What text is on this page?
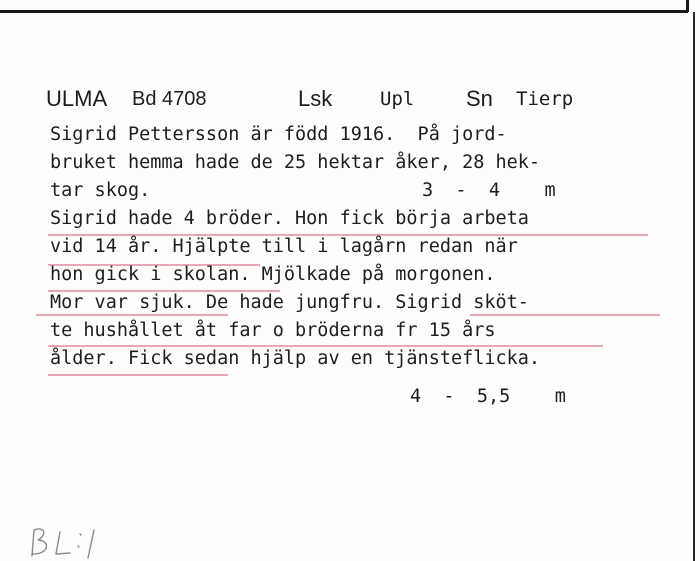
ULMA Bd 4708	Lsk	Upl Sn Tierp
Sigrid Pettersson är född 1916.  På jord-
bruket hemma hade de 25 hektar åker, 28 hek-
tar skog.	3  -  4    m
Sigrid hade 4 bröder. Hon fick börja arbeta
vid 14 år. Hjälpte till i lagårn redan när
hon gick i skolan. Mjölkade på morgonen.
Mor var sjuk. De hade jungfru. Sigrid sköt-
te hushållet åt far o bröderna fr 15 års
ålder. Fick sedan hjälp av en tjänsteflicka.
4  -  5,5    m
